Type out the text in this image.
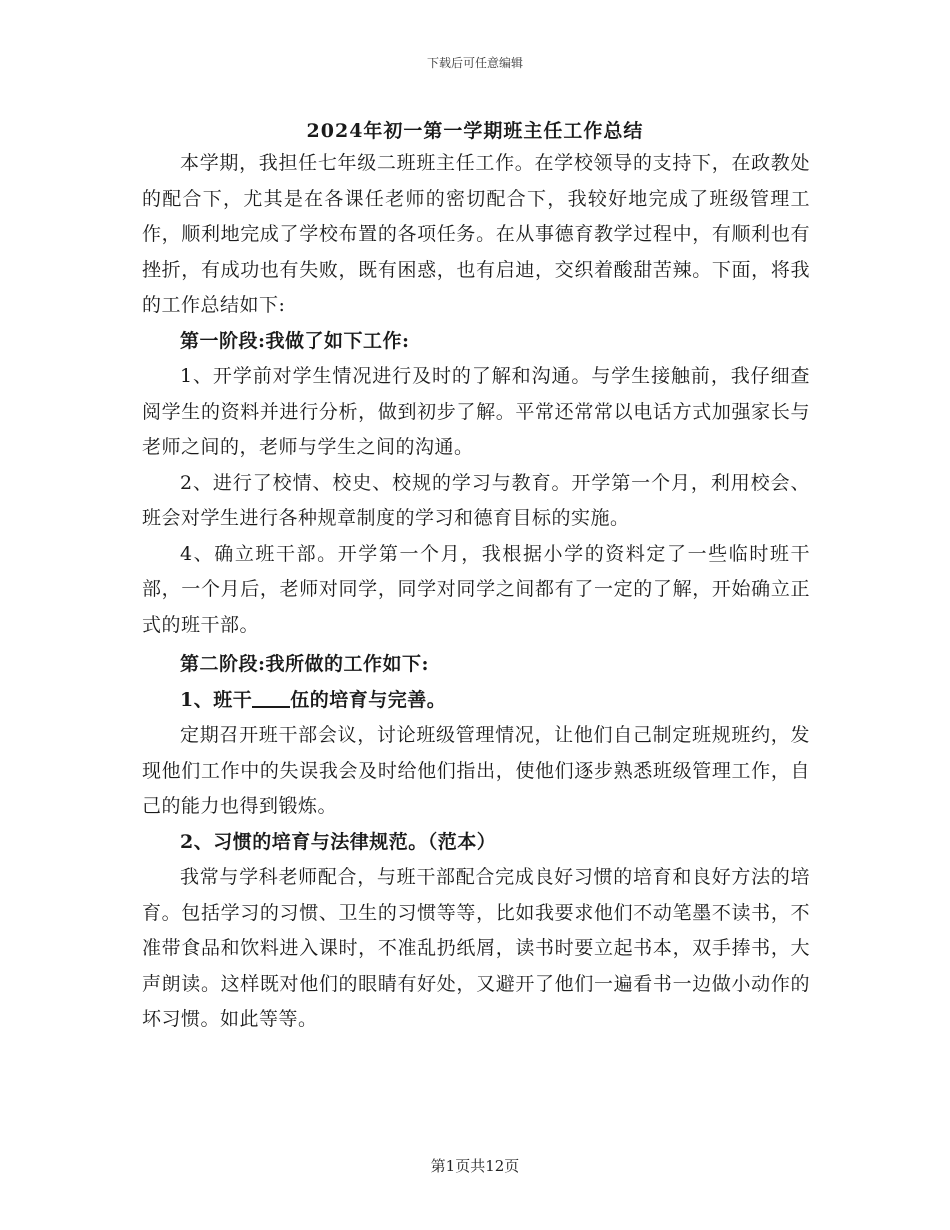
下载后可任意编辑
2024年初一第一学期班主任工作总结

本学期，我担任七年级二班班主任工作。在学校领导的支持下，在政教处的配合下，尤其是在各课任老师的密切配合下，我较好地完成了班级管理工作，顺利地完成了学校布置的各项任务。在从事德育教学过程中，有顺利也有挫折，有成功也有失败，既有困惑，也有启迪，交织着酸甜苦辣。下面，将我的工作总结如下:

第一阶段:我做了如下工作:

1、开学前对学生情况进行及时的了解和沟通。与学生接触前，我仔细查阅学生的资料并进行分析，做到初步了解。平常还常常以电话方式加强家长与老师之间的，老师与学生之间的沟通。

2、进行了校情、校史、校规的学习与教育。开学第一个月，利用校会、班会对学生进行各种规章制度的学习和德育目标的实施。

4、确立班干部。开学第一个月，我根据小学的资料定了一些临时班干部，一个月后，老师对同学，同学对同学之间都有了一定的了解，开始确立正式的班干部。

第二阶段:我所做的工作如下:

1、班干 伍的培育与完善。

定期召开班干部会议，讨论班级管理情况，让他们自己制定班规班约，发现他们工作中的失误我会及时给他们指出，使他们逐步熟悉班级管理工作，自己的能力也得到锻炼。

2、习惯的培育与法律规范。（范本）

我常与学科老师配合，与班干部配合完成良好习惯的培育和良好方法的培育。包括学习的习惯、卫生的习惯等等，比如我要求他们不动笔墨不读书，不准带食品和饮料进入课时，不准乱扔纸屑，读书时要立起书本，双手捧书，大声朗读。这样既对他们的眼睛有好处，又避开了他们一遍看书一边做小动作的坏习惯。如此等等。

第1页共12页
